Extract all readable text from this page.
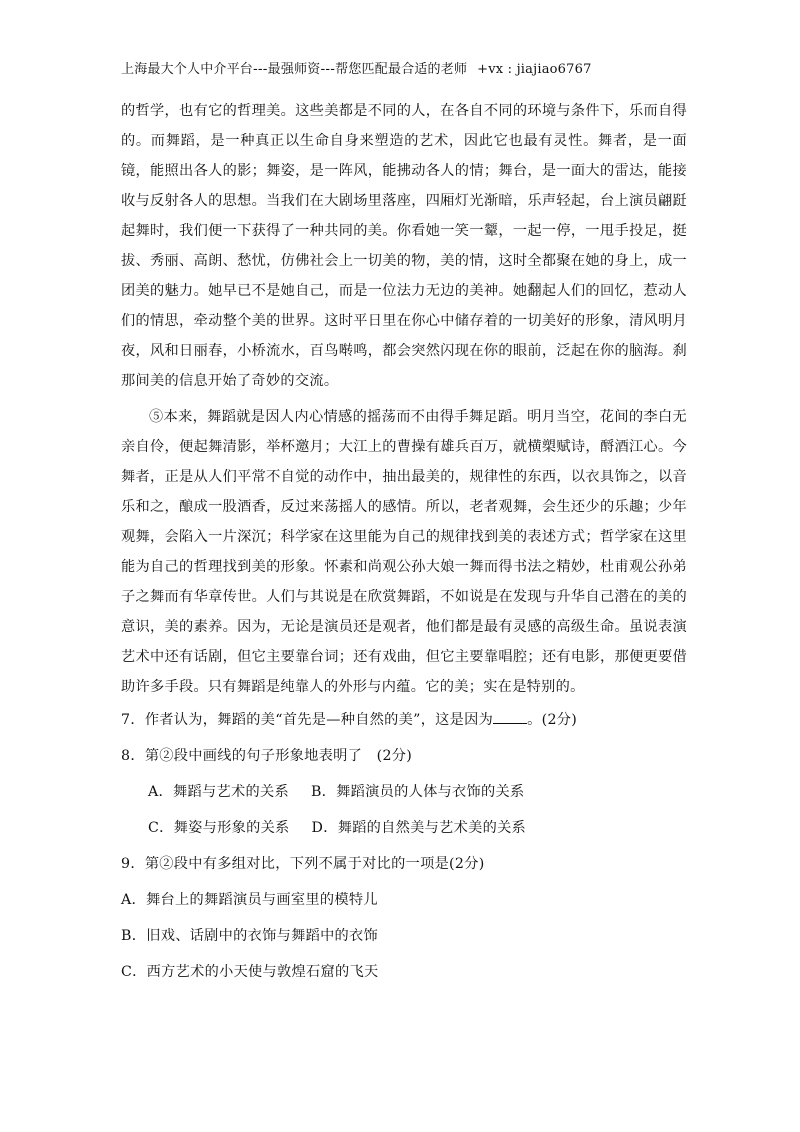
上海最大个人中介平台---最强师资---帮您匹配最合适的老师 +vx : jiajiao6767

的哲学，也有它的哲理美。这些美都是不同的人，在各自不同的环境与条件下，乐而自得的。而舞蹈，是一种真正以生命自身来塑造的艺术，因此它也最有灵性。舞者，是一面镜，能照出各人的影；舞姿，是一阵风，能拂动各人的情；舞台，是一面大的雷达，能接收与反射各人的思想。当我们在大剧场里落座，四厢灯光渐暗，乐声轻起，台上演员翩跹起舞时，我们便一下获得了一种共同的美。你看她一笑一颦，一起一停，一甩手投足，挺拔、秀丽、高朗、愁忧，仿佛社会上一切美的物，美的情，这时全都聚在她的身上，成一团美的魅力。她早已不是她自己，而是一位法力无边的美神。她翻起人们的回忆，惹动人们的情思，牵动整个美的世界。这时平日里在你心中储存着的一切美好的形象，清风明月夜，风和日丽春，小桥流水，百鸟啭鸣，都会突然闪现在你的眼前，泛起在你的脑海。刹那间美的信息开始了奇妙的交流。

⑤本来，舞蹈就是因人内心情感的摇荡而不由得手舞足蹈。明月当空，花间的李白无亲自伶，便起舞清影，举杯邀月；大江上的曹操有雄兵百万，就横槊赋诗，酹酒江心。今舞者，正是从人们平常不自觉的动作中，抽出最美的，规律性的东西，以衣具饰之，以音乐和之，酿成一股酒香，反过来荡摇人的感情。所以，老者观舞，会生还少的乐趣；少年观舞，会陷入一片深沉；科学家在这里能为自己的规律找到美的表述方式；哲学家在这里能为自己的哲理找到美的形象。怀素和尚观公孙大娘一舞而得书法之精妙，杜甫观公孙弟子之舞而有华章传世。人们与其说是在欣赏舞蹈，不如说是在发现与升华自己潜在的美的意识，美的素养。因为，无论是演员还是观者，他们都是最有灵感的高级生命。虽说表演艺术中还有话剧，但它主要靠台词；还有戏曲，但它主要靠唱腔；还有电影，那便更要借助许多手段。只有舞蹈是纯靠人的外形与内蕴。它的美；实在是特别的。

7．作者认为，舞蹈的美“首先是—种自然的美”，这是因为 。(2分)

8．第②段中画线的句子形象地表明了　(2分)

A．舞蹈与艺术的关系 B．舞蹈演员的人体与衣饰的关系

C．舞姿与形象的关系 D．舞蹈的自然美与艺术美的关系

9．第②段中有多组对比，下列不属于对比的一项是(2分)

A．舞台上的舞蹈演员与画室里的模特儿

B．旧戏、话剧中的衣饰与舞蹈中的衣饰

C．西方艺术的小天使与敦煌石窟的飞天
